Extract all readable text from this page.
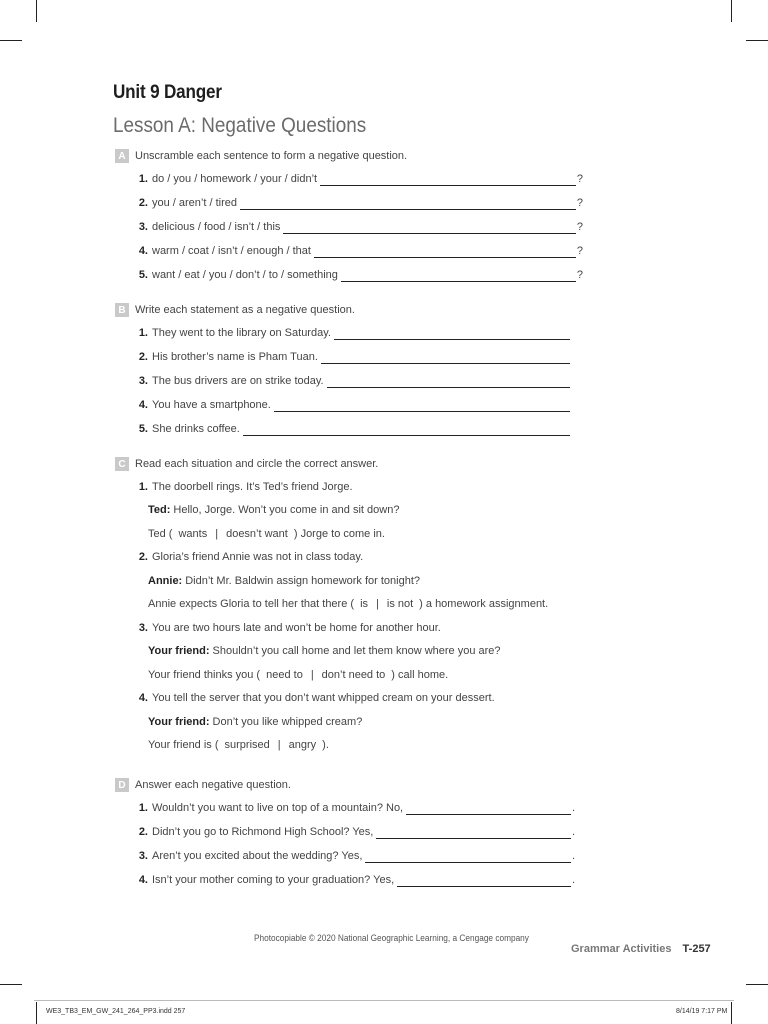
Unit 9 Danger
Lesson A: Negative Questions
A Unscramble each sentence to form a negative question.
1. do / you / homework / your / didn’t	?
2. you / aren’t / tired	?
3. delicious / food / isn’t / this	?
4. warm / coat / isn’t / enough / that	?
5. want / eat / you / don’t / to / something	?
B Write each statement as a negative question.
1. They went to the library on Saturday.
2. His brother’s name is Pham Tuan.
3. The bus drivers are on strike today.
4. You have a smartphone.
5. She drinks coffee.
C Read each situation and circle the correct answer.
1. The doorbell rings. It’s Ted’s friend Jorge.
Ted: Hello, Jorge. Won’t you come in and sit down?
Ted ( wants | doesn’t want ) Jorge to come in.
2. Gloria’s friend Annie was not in class today.
Annie: Didn’t Mr. Baldwin assign homework for tonight?
Annie expects Gloria to tell her that there ( is | is not ) a homework assignment.
3. You are two hours late and won’t be home for another hour.
Your friend: Shouldn’t you call home and let them know where you are?
Your friend thinks you ( need to | don’t need to ) call home.
4. You tell the server that you don’t want whipped cream on your dessert.
Your friend: Don’t you like whipped cream?
Your friend is ( surprised | angry ).
D Answer each negative question.
1. Wouldn’t you want to live on top of a mountain? No,	.
2. Didn’t you go to Richmond High School? Yes,	.
3. Aren’t you excited about the wedding? Yes,	.
4. Isn’t your mother coming to your graduation? Yes,	.
Photocopiable © 2020 National Geographic Learning, a Cengage company
Grammar Activities T-257
WE3_TB3_EM_GW_241_264_PP3.indd 257	8/14/19 7:17 PM
